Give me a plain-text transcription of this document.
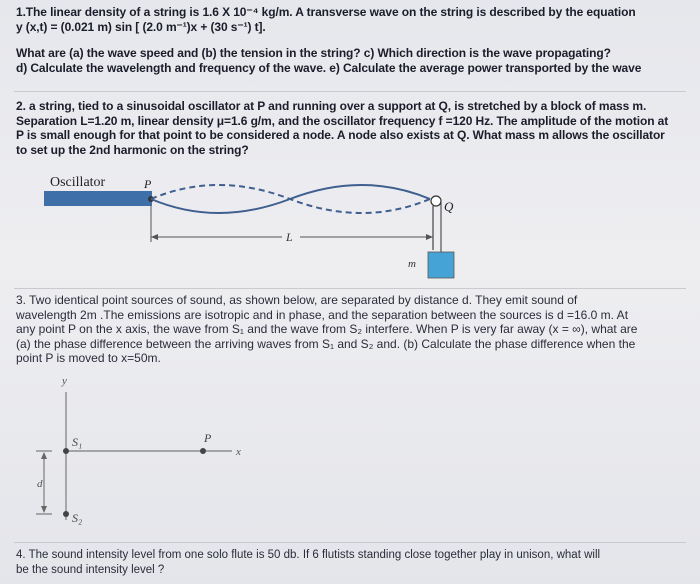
1.The linear density of a string is 1.6 X 10⁻⁴ kg/m. A transverse wave on the string is described by the equation
y (x,t) = (0.021 m) sin [ (2.0 m⁻¹)x + (30 s⁻¹) t].
What are (a) the wave speed and (b) the tension in the string? c) Which direction is the wave propagating?
d) Calculate the wavelength and frequency of the wave. e) Calculate the average power transported by the wave
2. a string, tied to a sinusoidal oscillator at P and running over a support at Q, is stretched by a block of mass m.
Separation L=1.20 m, linear density μ=1.6 g/m, and the oscillator frequency f =120 Hz. The amplitude of the motion at
P is small enough for that point to be considered a node. A node also exists at Q. What mass m allows the oscillator
to set up the 2nd harmonic on the string?
Oscillator	P
Q
m
L
3. Two identical point sources of sound, as shown below, are separated by distance d. They emit sound of
wavelength 2m .The emissions are isotropic and in phase, and the separation between the sources is d =16.0 m. At
any point P on the x axis, the wave from S₁ and the wave from S₂ interfere. When P is very far away (x = ∞), what are
(a) the phase difference between the arriving waves from S₁ and S₂ and. (b) Calculate the phase difference when the
point P is moved to x=50m.
y
x
S₁
S₂
P
d
4. The sound intensity level from one solo flute is 50 db. If 6 flutists standing close together play in unison, what will
be the sound intensity level ?
